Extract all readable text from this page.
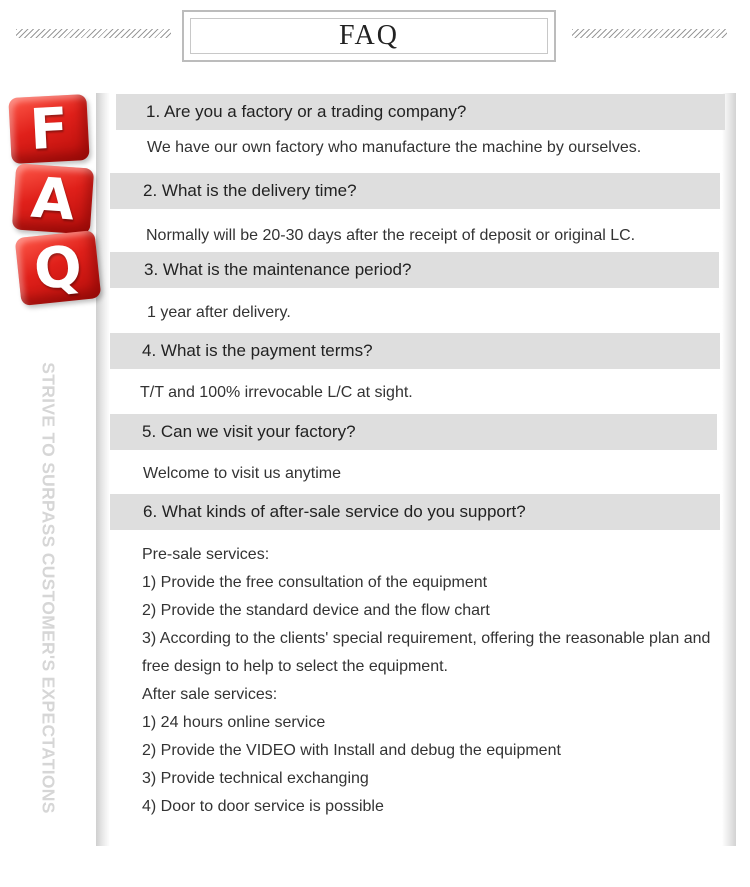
FAQ
F
A
Q
STRIVE TO SURPASS CUSTOMER'S EXPECTATIONS
1. Are you a factory or a trading company?
We have our own factory who manufacture the machine by ourselves.
2. What is the delivery time?
Normally will be 20-30 days after the receipt of deposit or original LC.
3. What is the maintenance period?
1 year after delivery.
4. What is the payment terms?
T/T and 100% irrevocable L/C at sight.
5. Can we visit your factory?
Welcome to visit us anytime
6. What kinds of after-sale service do you support?
Pre-sale services:
1) Provide the free consultation of the equipment
2) Provide the standard device and the flow chart
3) According to the clients' special requirement, offering the reasonable plan and
free design to help to select the equipment.
After sale services:
1) 24 hours online service
2) Provide the VIDEO with Install and debug the equipment
3) Provide technical exchanging
4) Door to door service is possible
